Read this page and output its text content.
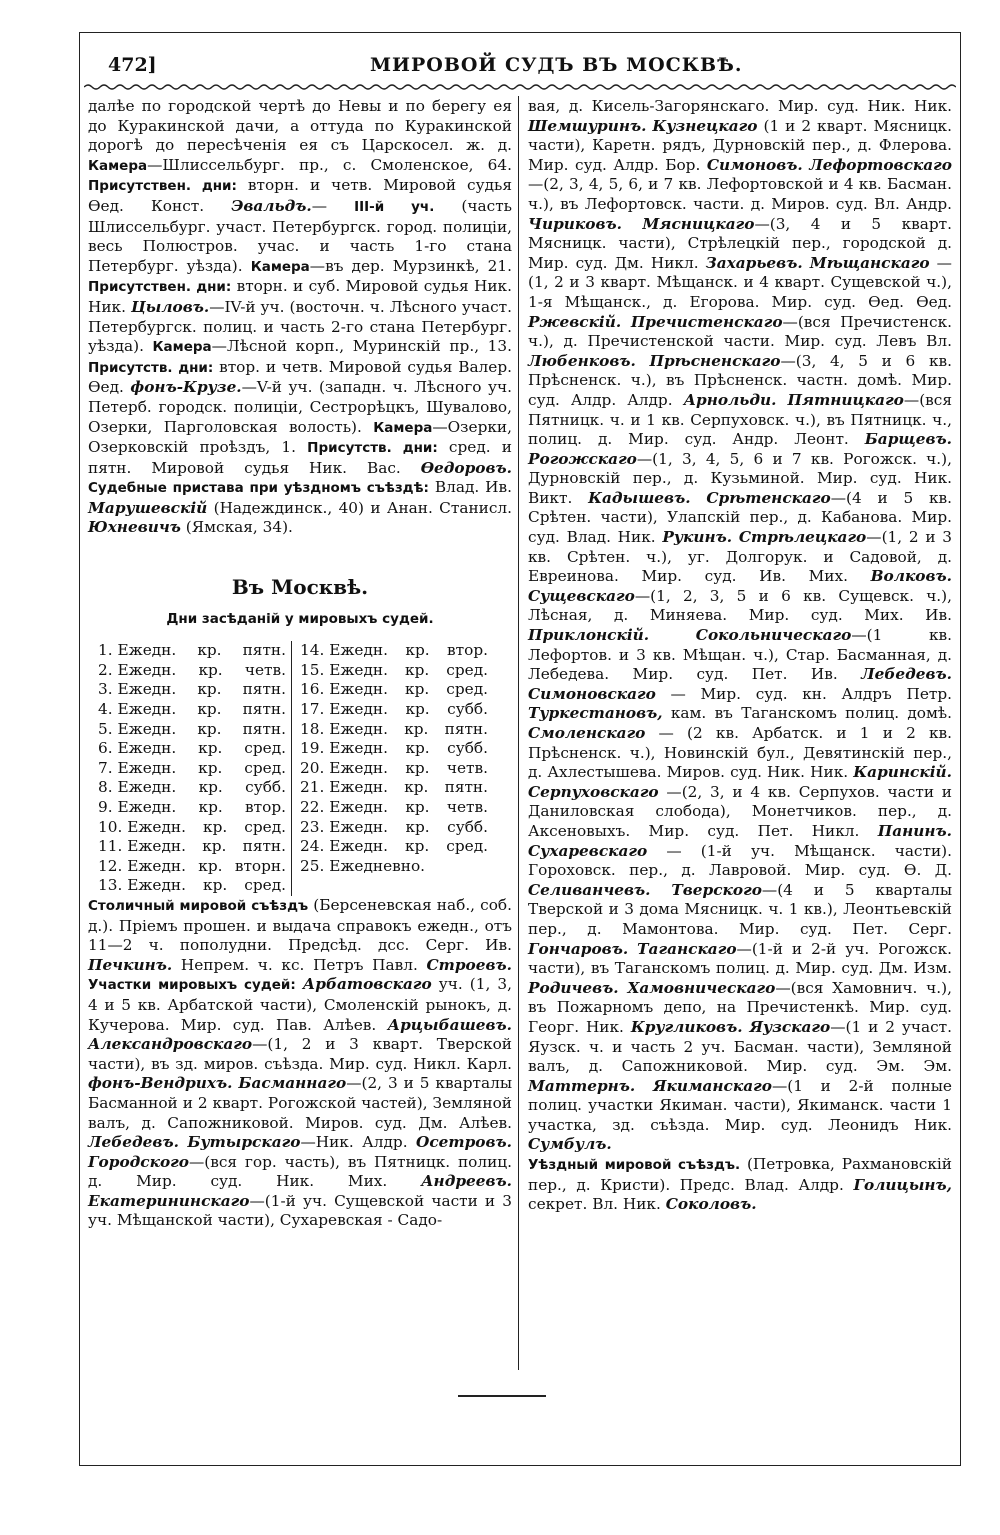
472]	МИРОВОЙ СУДЪ ВЪ МОСКВѢ.

далѣе по городской чертѣ до Невы и по берегу ея до Куракинской дачи, а оттуда по Куракинской дорогѣ до пересѣченія ея съ Царскосел. ж. д. Камера—Шлиссельбург. пр., с. Смоленское, 64. Присутствен. дни: вторн. и четв. Мировой судья Ѳед. Конст. Эвальдъ.— III-й уч. (часть Шлиссельбург. участ. Петербургск. город. полиціи, весь Полюстров. учас. и часть 1-го стана Петербург. уѣзда). Камера—въ дер. Мурзинкѣ, 21. Присутствен. дни: вторн. и суб. Мировой судья Ник. Ник. Цыловъ.—IV-й уч. (восточн. ч. Лѣсного участ. Петербургск. полиц. и часть 2-го стана Петербург. уѣзда). Камера—Лѣсной корп., Муринскій пр., 13. Присутств. дни: втор. и четв. Мировой судья Валер. Ѳед. фонъ-Крузе.—V-й уч. (западн. ч. Лѣсного уч. Петерб. городск. полиціи, Сестрорѣцкъ, Шувалово, Озерки, Парголовская волость). Камера—Озерки, Озерковскій проѣздъ, 1. Присутств. дни: сред. и пятн. Мировой судья Ник. Вас. Ѳедоровъ. Судебные пристава при уѣздномъ съѣздѣ: Влад. Ив. Марушевскій (Надеждинск., 40) и Анан. Станисл. Юхневичъ (Ямская, 34).

Въ Москвѣ.
Дни засѣданій у мировыхъ судей.
1. Ежедн. кр. пятн.
2. Ежедн. кр. четв.
3. Ежедн. кр. пятн.
4. Ежедн. кр. пятн.
5. Ежедн. кр. пятн.
6. Ежедн. кр. сред.
7. Ежедн. кр. сред.
8. Ежедн. кр. субб.
9. Ежедн. кр. втор.
10. Ежедн. кр. сред.
11. Ежедн. кр. пятн.
12. Ежедн. кр. вторн.
13. Ежедн. кр. сред.
14. Ежедн. кр. втор.
15. Ежедн. кр. сред.
16. Ежедн. кр. сред.
17. Ежедн. кр. субб.
18. Ежедн. кр. пятн.
19. Ежедн. кр. субб.
20. Ежедн. кр. четв.
21. Ежедн. кр. пятн.
22. Ежедн. кр. четв.
23. Ежедн. кр. субб.
24. Ежедн. кр. сред.
25. Ежедневно.

Столичный мировой съѣздъ (Берсеневская наб., соб. д.). Пріемъ прошен. и выдача справокъ ежедн., отъ 11—2 ч. пополудни. Предсѣд. дсс. Серг. Ив. Печкинъ. Непрем. ч. кс. Петръ Павл. Строевъ. Участки мировыхъ судей: Арбатовскаго уч. (1, 3, 4 и 5 кв. Арбатской части), Смоленскій рынокъ, д. Кучерова. Мир. суд. Пав. Алѣев. Арцыбашевъ. Александровскаго—(1, 2 и 3 кварт. Тверской части), въ зд. миров. съѣзда. Мир. суд. Никл. Карл. фонъ-Вендрихъ. Басманнаго—(2, 3 и 5 кварталы Басманной и 2 кварт. Рогожской частей), Земляной валъ, д. Сапожниковой. Миров. суд. Дм. Алѣев. Лебедевъ. Бутырскаго—Ник. Алдр. Осетровъ. Городского—(вся гор. часть), въ Пятницк. полиц. д. Мир. суд. Ник. Мих. Андреевъ. Екатерининскаго—(1-й уч. Сущевской части и 3 уч. Мѣщанской части), Сухаревская - Садо-

вая, д. Кисель-Загорянскаго. Мир. суд. Ник. Ник. Шемшуринъ. Кузнецкаго (1 и 2 кварт. Мясницк. части), Каретн. рядъ, Дурновскій пер., д. Флерова. Мир. суд. Алдр. Бор. Симоновъ. Лефортовскаго—(2, 3, 4, 5, 6, и 7 кв. Лефортовской и 4 кв. Басман. ч.), въ Лефортовск. части. д. Миров. суд. Вл. Андр. Чириковъ. Мясницкаго—(3, 4 и 5 кварт. Мясницк. части), Стрѣлецкій пер., городской д. Мир. суд. Дм. Никл. Захарьевъ. Мѣщанскаго —(1, 2 и 3 кварт. Мѣщанск. и 4 кварт. Сущевской ч.), 1-я Мѣщанск., д. Егорова. Мир. суд. Ѳед. Ѳед. Ржевскій. Пречистенскаго—(вся Пречистенск. ч.), д. Пречистенской части. Мир. суд. Левъ Вл. Любенковъ. Прѣсненскаго—(3, 4, 5 и 6 кв. Прѣсненск. ч.), въ Прѣсненск. частн. домѣ. Мир. суд. Алдр. Алдр. Арнольди. Пятницкаго—(вся Пятницк. ч. и 1 кв. Серпуховск. ч.), въ Пятницк. ч., полиц. д. Мир. суд. Андр. Леонт. Барщевъ. Рогожскаго—(1, 3, 4, 5, 6 и 7 кв. Рогожск. ч.), Дурновскій пер., д. Кузьминой. Мир. суд. Ник. Викт. Кадышевъ. Срѣтенскаго—(4 и 5 кв. Срѣтен. части), Улапскій пер., д. Кабанова. Мир. суд. Влад. Ник. Рукинъ. Стрѣлецкаго—(1, 2 и 3 кв. Срѣтен. ч.), уг. Долгорук. и Садовой, д. Евреинова. Мир. суд. Ив. Мих. Волковъ. Сущевскаго—(1, 2, 3, 5 и 6 кв. Сущевск. ч.), Лѣсная, д. Миняева. Мир. суд. Мих. Ив. Приклонскій.	Сокольническаго—(1 кв. Лефортов. и 3 кв. Мѣщан. ч.), Стар. Басманная, д. Лебедева. Мир. суд. Пет. Ив. Лебедевъ. Симоновскаго — Мир. суд. кн. Алдръ Петр. Туркестановъ, кам. въ Таганскомъ полиц. домѣ. Смоленскаго — (2 кв. Арбатск. и 1 и 2 кв. Прѣсненск. ч.), Новинскій бул., Девятинскій пер., д. Ахлестышева. Миров. суд. Ник. Ник. Каринскій. Серпуховскаго —(2, 3, и 4 кв. Серпухов. части и Даниловская слобода), Монетчиков. пер., д. Аксеновыхъ. Мир. суд. Пет. Никл. Панинъ. Сухаревскаго — (1-й уч. Мѣщанск. части). Гороховск. пер., д. Лавровой. Мир. суд. Ѳ. Д. Селиванчевъ. Тверского—(4 и 5 кварталы Тверской и 3 дома Мясницк. ч. 1 кв.), Леонтьевскій пер., д. Мамонтова. Мир. суд. Пет. Серг. Гончаровъ. Таганскаго—(1-й и 2-й уч. Рогожск. части), въ Таганскомъ полиц. д. Мир. суд. Дм. Изм. Родичевъ. Хамовническаго—(вся Хамовнич. ч.), въ Пожарномъ депо, на Пречистенкѣ. Мир. суд. Георг. Ник. Кругликовъ. Яузскаго—(1 и 2 участ. Яузск. ч. и часть 2 уч. Басман. части), Земляной валъ, д. Сапожниковой. Мир. суд. Эм. Эм. Маттернъ. Якиманскаго—(1 и 2-й полные полиц. участки Якиман. части), Якиманск. части 1 участка, зд. съѣзда. Мир. суд. Леонидъ Ник. Сумбулъ.

Уѣздный мировой съѣздъ. (Петровка, Рахмановскій пер., д. Кристи). Предс. Влад. Алдр. Голицынъ, секрет. Вл. Ник. Соколовъ.
